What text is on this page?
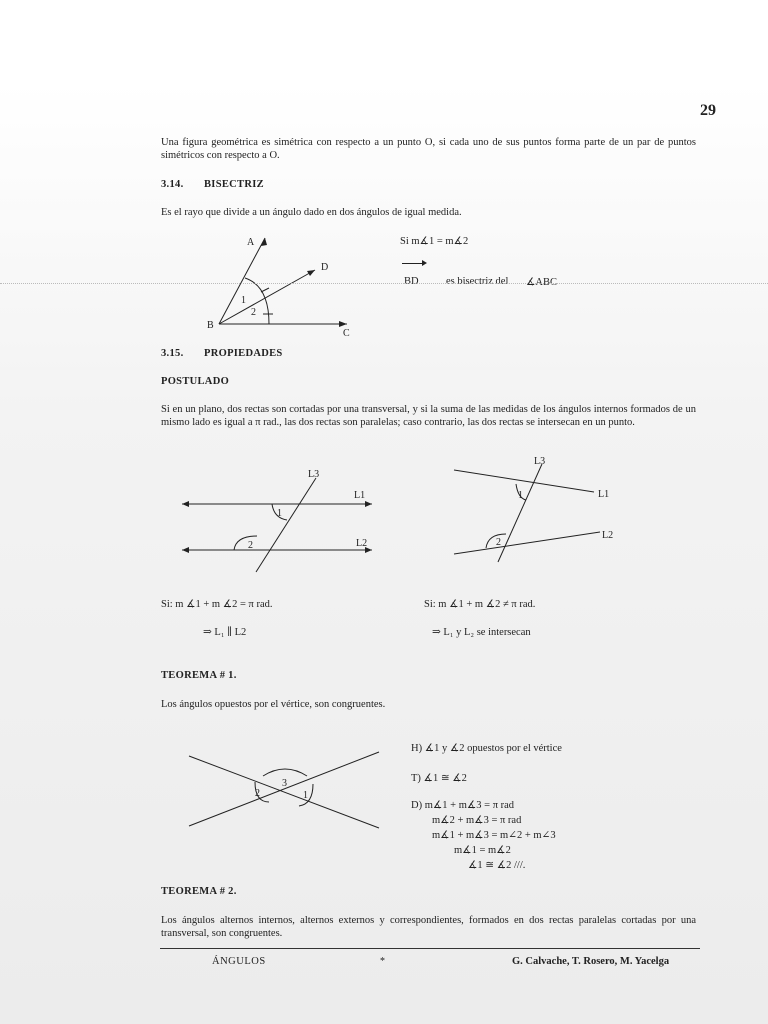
29
Una figura geométrica es simétrica con respecto a un punto O, si cada uno de sus puntos forma parte de un par de puntos simétricos con respecto a O.
3.14. BISECTRIZ
Es el rayo que divide a un ángulo dado en dos ángulos de igual medida.
A
D
B
C
1
2
Si m∡1 = m∡2
BD	es bisectriz del ∡ABC
3.15. PROPIEDADES
POSTULADO
Si en un plano, dos rectas son cortadas por una transversal, y si la suma de las medidas de los ángulos internos formados de un mismo lado es igual a π rad., las dos rectas son paralelas; caso contrario, las dos rectas se intersecan en un punto.
L3
L1
L2
1
2
L3
L1
L2
1
2
Si: m ∡1 + m ∡2 = π rad.
⇒ L₁ ∥ L2
Si: m ∡1 + m ∡2 ≠ π rad.
⇒ L₁ y L₂ se intersecan
TEOREMA # 1.
Los ángulos opuestos por el vértice, son congruentes.
2	1
3
H) ∡1 y ∡2 opuestos por el vértice
T) ∡1 ≅ ∡2
D) m∡1 + m∡3 = π rad
m∡2 + m∡3 = π rad
m∡1 + m∡3 = m∠2 + m∠3
m∡1 = m∡2
∡1 ≅ ∡2 ///.
TEOREMA # 2.
Los ángulos alternos internos, alternos externos y correspondientes, formados en dos rectas paralelas cortadas por una transversal, son congruentes.
ÁNGULOS	*	G. Calvache, T. Rosero, M. Yacelga
